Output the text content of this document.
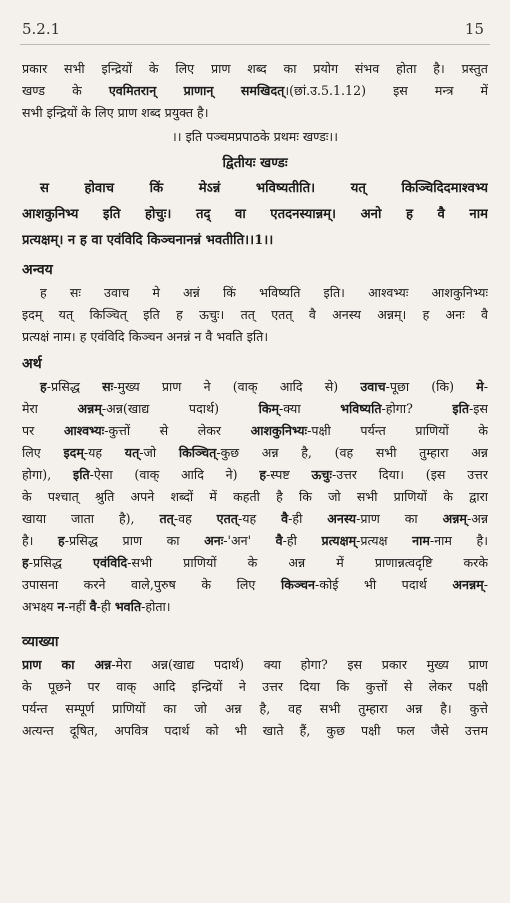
5.2.1	15
प्रकार सभी इन्द्रियों के लिए प्राण शब्द का प्रयोग संभव होता है। प्रस्तुत
खण्ड के एवमितरान् प्राणान् समखिदत्।(छां.उ.5.1.12) इस मन्त्र में
सभी इन्द्रियों के लिए प्राण शब्द प्रयुक्त है।
।। इति पञ्चमप्रपाठके प्रथमः खण्डः।।
द्वितीयः खण्डः
स होवाच किं मेऽन्नं भविष्यतीति। यत् किञ्चिदिदमाश्वभ्य
आशकुनिभ्य इति होचुः। तद् वा एतदनस्यान्नम्। अनो ह वै नाम
प्रत्यक्षम्। न ह वा एवंविदि किञ्चनानन्नं भवतीति।।1।।
अन्वय
ह सः उवाच मे अन्नं किं भविष्यति इति। आश्वभ्यः आशकुनिभ्यः
इदम् यत् किञ्चित् इति ह ऊचुः। तत् एतत् वै अनस्य अन्नम्। ह अनः वै
प्रत्यक्षं नाम। ह एवंविदि किञ्चन अनन्नं न वै भवति इति।
अर्थ
ह-प्रसिद्ध सः-मुख्य प्राण ने (वाक् आदि से) उवाच-पूछा (कि) मे-
मेरा अन्नम्-अन्न(खाद्य पदार्थ) किम्-क्या भविष्यति-होगा? इति-इस
पर आश्वभ्यः-कुत्तों से लेकर आशकुनिभ्यः-पक्षी पर्यन्त प्राणियों के
लिए इदम्-यह यत्-जो किञ्चित्-कुछ अन्न है, (वह सभी तुम्हारा अन्न
होगा), इति-ऐसा (वाक् आदि ने) ह-स्पष्ट ऊचुः-उत्तर दिया। (इस उत्तर
के पश्चात् श्रुति अपने शब्दों में कहती है कि जो सभी प्राणियों के द्वारा
खाया जाता है), तत्-वह एतत्-यह वै-ही अनस्य-प्राण का अन्नम्-अन्न
है। ह-प्रसिद्ध प्राण का अनः-'अन' वै-ही प्रत्यक्षम्-प्रत्यक्ष नाम-नाम है।
ह-प्रसिद्ध एवंविदि-सभी प्राणियों के अन्न में प्राणान्नत्वदृष्टि करके
उपासना करने वाले,पुरुष के लिए किञ्चन-कोई भी पदार्थ अनन्नम्-
अभक्ष्य न-नहीं वै-ही भवति-होता।
व्याख्या
प्राण का अन्न-मेरा अन्न(खाद्य पदार्थ) क्या होगा? इस प्रकार मुख्य प्राण
के पूछने पर वाक् आदि इन्द्रियों ने उत्तर दिया कि कुत्तों से लेकर पक्षी
पर्यन्त सम्पूर्ण प्राणियों का जो अन्न है, वह सभी तुम्हारा अन्न है। कुत्ते
अत्यन्त दूषित, अपवित्र पदार्थ को भी खाते हैं, कुछ पक्षी फल जैसे उत्तम
